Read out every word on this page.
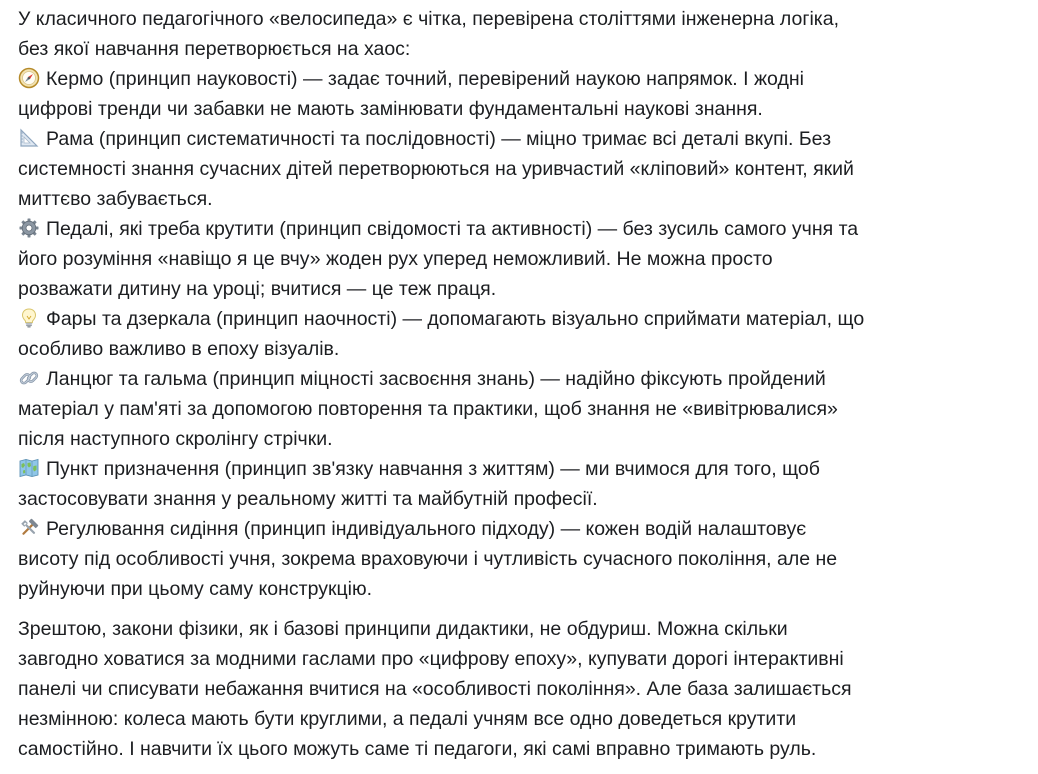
У класичного педагогічного «велосипеда» є чітка, перевірена століттями інженерна логіка,
без якої навчання перетворюється на хаос:
Кермо (принцип науковості) — задає точний, перевірений наукою напрямок. І жодні
цифрові тренди чи забавки не мають замінювати фундаментальні наукові знання.
Рама (принцип систематичності та послідовності) — міцно тримає всі деталі вкупі. Без
системності знання сучасних дітей перетворюються на уривчастий «кліповий» контент, який
миттєво забувається.
Педалі, які треба крутити (принцип свідомості та активності) — без зусиль самого учня та
його розуміння «навіщо я це вчу» жоден рух уперед неможливий. Не можна просто
розважати дитину на уроці; вчитися — це теж праця.
Фары та дзеркала (принцип наочності) — допомагають візуально сприймати матеріал, що
особливо важливо в епоху візуалів.
Ланцюг та гальма (принцип міцності засвоєння знань) — надійно фіксують пройдений
матеріал у пам'яті за допомогою повторення та практики, щоб знання не «вивітрювалися»
після наступного скролінгу стрічки.
Пункт призначення (принцип зв'язку навчання з життям) — ми вчимося для того, щоб
застосовувати знання у реальному житті та майбутній професії.
Регулювання сидіння (принцип індивідуального підходу) — кожен водій налаштовує
висоту під особливості учня, зокрема враховуючи і чутливість сучасного покоління, але не
руйнуючи при цьому саму конструкцію.
Зрештою, закони фізики, як і базові принципи дидактики, не обдуриш. Можна скільки
завгодно ховатися за модними гаслами про «цифрову епоху», купувати дорогі інтерактивні
панелі чи списувати небажання вчитися на «особливості покоління». Але база залишається
незмінною: колеса мають бути круглими, а педалі учням все одно доведеться крутити
самостійно. І навчити їх цього можуть саме ті педагоги, які самі вправно тримають руль.
